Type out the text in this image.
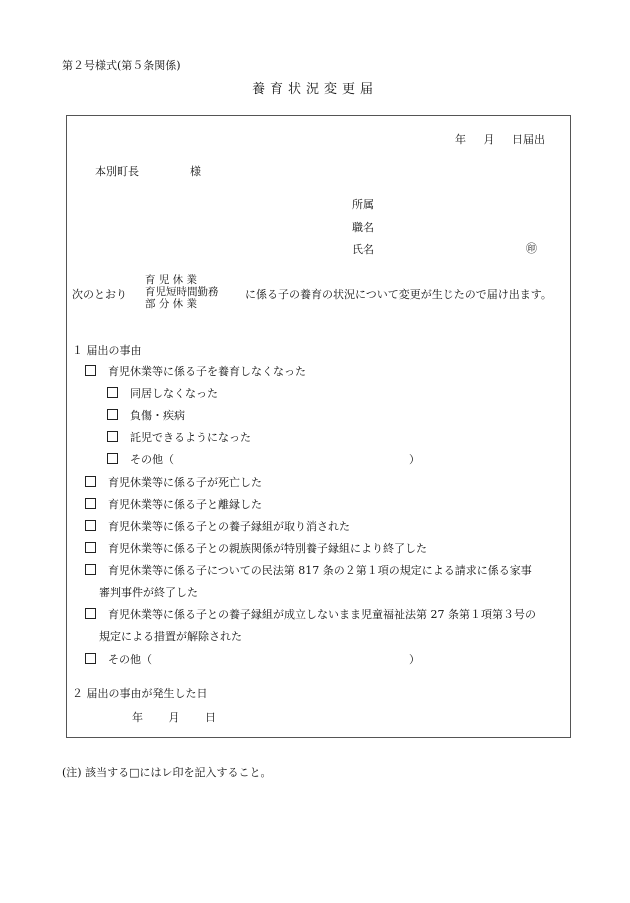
第２号様式(第５条関係)
養育状況変更届
年 月 日届出
本別町長	様
所属
職名
氏名	㊞
次のとおり
育 児 休 業
育児短時間勤務
部 分 休 業
に係る子の養育の状況について変更が生じたので届け出ます。
１ 届出の事由
育児休業等に係る子を養育しなくなった
同居しなくなった
負傷・疾病
託児できるようになった
その他（	）
育児休業等に係る子が死亡した
育児休業等に係る子と離縁した
育児休業等に係る子との養子縁組が取り消された
育児休業等に係る子との親族関係が特別養子縁組により終了した
育児休業等に係る子についての民法第 817 条の２第１項の規定による請求に係る家事
審判事件が終了した
育児休業等に係る子との養子縁組が成立しないまま児童福祉法第 27 条第１項第３号の
規定による措置が解除された
その他（	）
２ 届出の事由が発生した日
年 月 日
(注) 該当する□にはレ印を記入すること。
